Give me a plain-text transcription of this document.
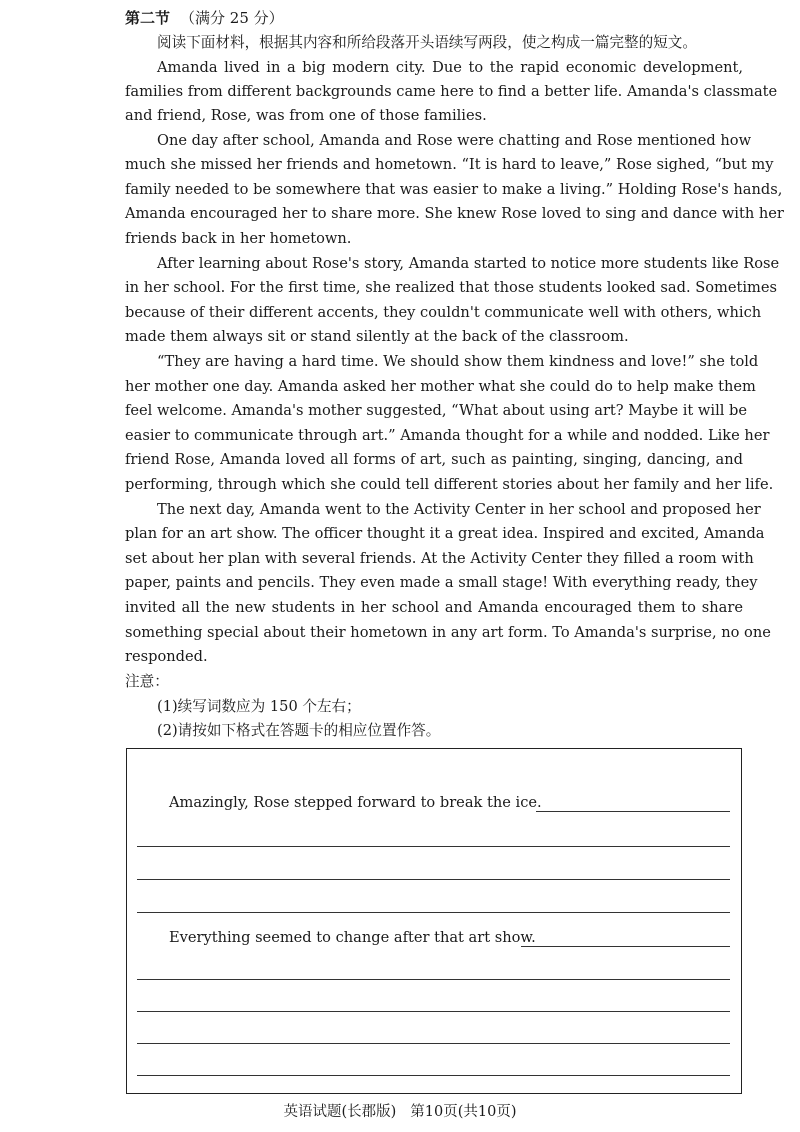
第二节 （满分 25 分）
阅读下面材料，根据其内容和所给段落开头语续写两段，使之构成一篇完整的短文。
Amanda lived in a big modern city. Due to the rapid economic development,
families from different backgrounds came here to find a better life. Amanda's classmate
and friend, Rose, was from one of those families.
One day after school, Amanda and Rose were chatting and Rose mentioned how
much she missed her friends and hometown. “It is hard to leave,” Rose sighed, “but my
family needed to be somewhere that was easier to make a living.” Holding Rose's hands,
Amanda encouraged her to share more. She knew Rose loved to sing and dance with her
friends back in her hometown.
After learning about Rose's story, Amanda started to notice more students like Rose
in her school. For the first time, she realized that those students looked sad. Sometimes
because of their different accents, they couldn't communicate well with others, which
made them always sit or stand silently at the back of the classroom.
“They are having a hard time. We should show them kindness and love!” she told
her mother one day. Amanda asked her mother what she could do to help make them
feel welcome. Amanda's mother suggested, “What about using art? Maybe it will be
easier to communicate through art.” Amanda thought for a while and nodded. Like her
friend Rose, Amanda loved all forms of art, such as painting, singing, dancing, and
performing, through which she could tell different stories about her family and her life.
The next day, Amanda went to the Activity Center in her school and proposed her
plan for an art show. The officer thought it a great idea. Inspired and excited, Amanda
set about her plan with several friends. At the Activity Center they filled a room with
paper, paints and pencils. They even made a small stage! With everything ready, they
invited all the new students in her school and Amanda encouraged them to share
something special about their hometown in any art form. To Amanda's surprise, no one
responded.
注意：
(1)续写词数应为 150 个左右；
(2)请按如下格式在答题卡的相应位置作答。
Amazingly, Rose stepped forward to break the ice.
Everything seemed to change after that art show.
英语试题(长郡版) 第10页(共10页)
